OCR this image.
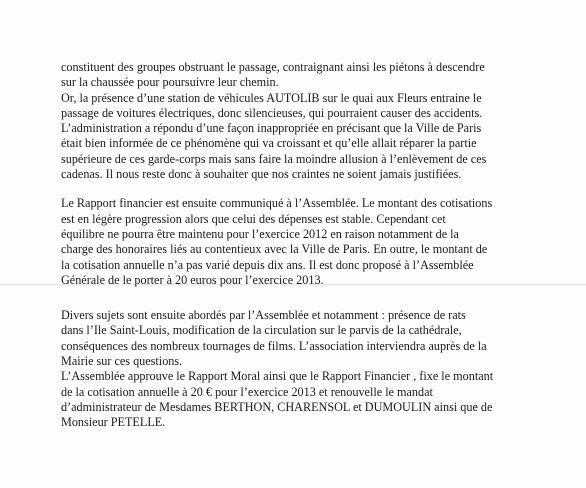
constituent des groupes obstruant le passage, contraignant ainsi les piétons à descendre
sur la chaussée pour poursuivre leur chemin.
Or, la présence d’une station de véhicules AUTOLIB sur le quai aux Fleurs entraine le
passage de voitures électriques, donc silencieuses, qui pourraient causer des accidents.
L’administration a répondu d’une façon inappropriée en précisant que la Ville de Paris
était bien informée de ce phénomène qui va croissant et qu’elle allait réparer la partie
supérieure de ces garde-corps mais sans faire la moindre allusion à l’enlèvement de ces
cadenas. Il nous reste donc à souhaiter que nos craintes ne soient jamais justifiées.
Le Rapport financier est ensuite communiqué à l’Assemblée. Le montant des cotisations
est en légère progression alors que celui des dépenses est stable. Cependant cet
équilibre ne pourra être maintenu pour l’exercice 2012 en raison notamment de la
charge des honoraires liés au contentieux avec la Ville de Paris. En outre, le montant de
la cotisation annuelle n’a pas varié depuis dix ans. Il est donc proposé à l’Assemblée
Générale de le porter à 20 euros pour l’exercice 2013.
Divers sujets sont ensuite abordés par l’Assemblée et notamment : présence de rats
dans l’Ile Saint-Louis, modification de la circulation sur le parvis de la cathédrale,
conséquences des nombreux tournages de films. L’association interviendra auprès de la
Mairie sur ces questions.
L’Assemblée approuve le Rapport Moral ainsi que le Rapport Financier , fixe le montant
de la cotisation annuelle à 20 € pour l’exercice 2013 et renouvelle le mandat
d’administrateur de Mesdames BERTHON, CHARENSOL et DUMOULIN ainsi que de
Monsieur PETELLE.
